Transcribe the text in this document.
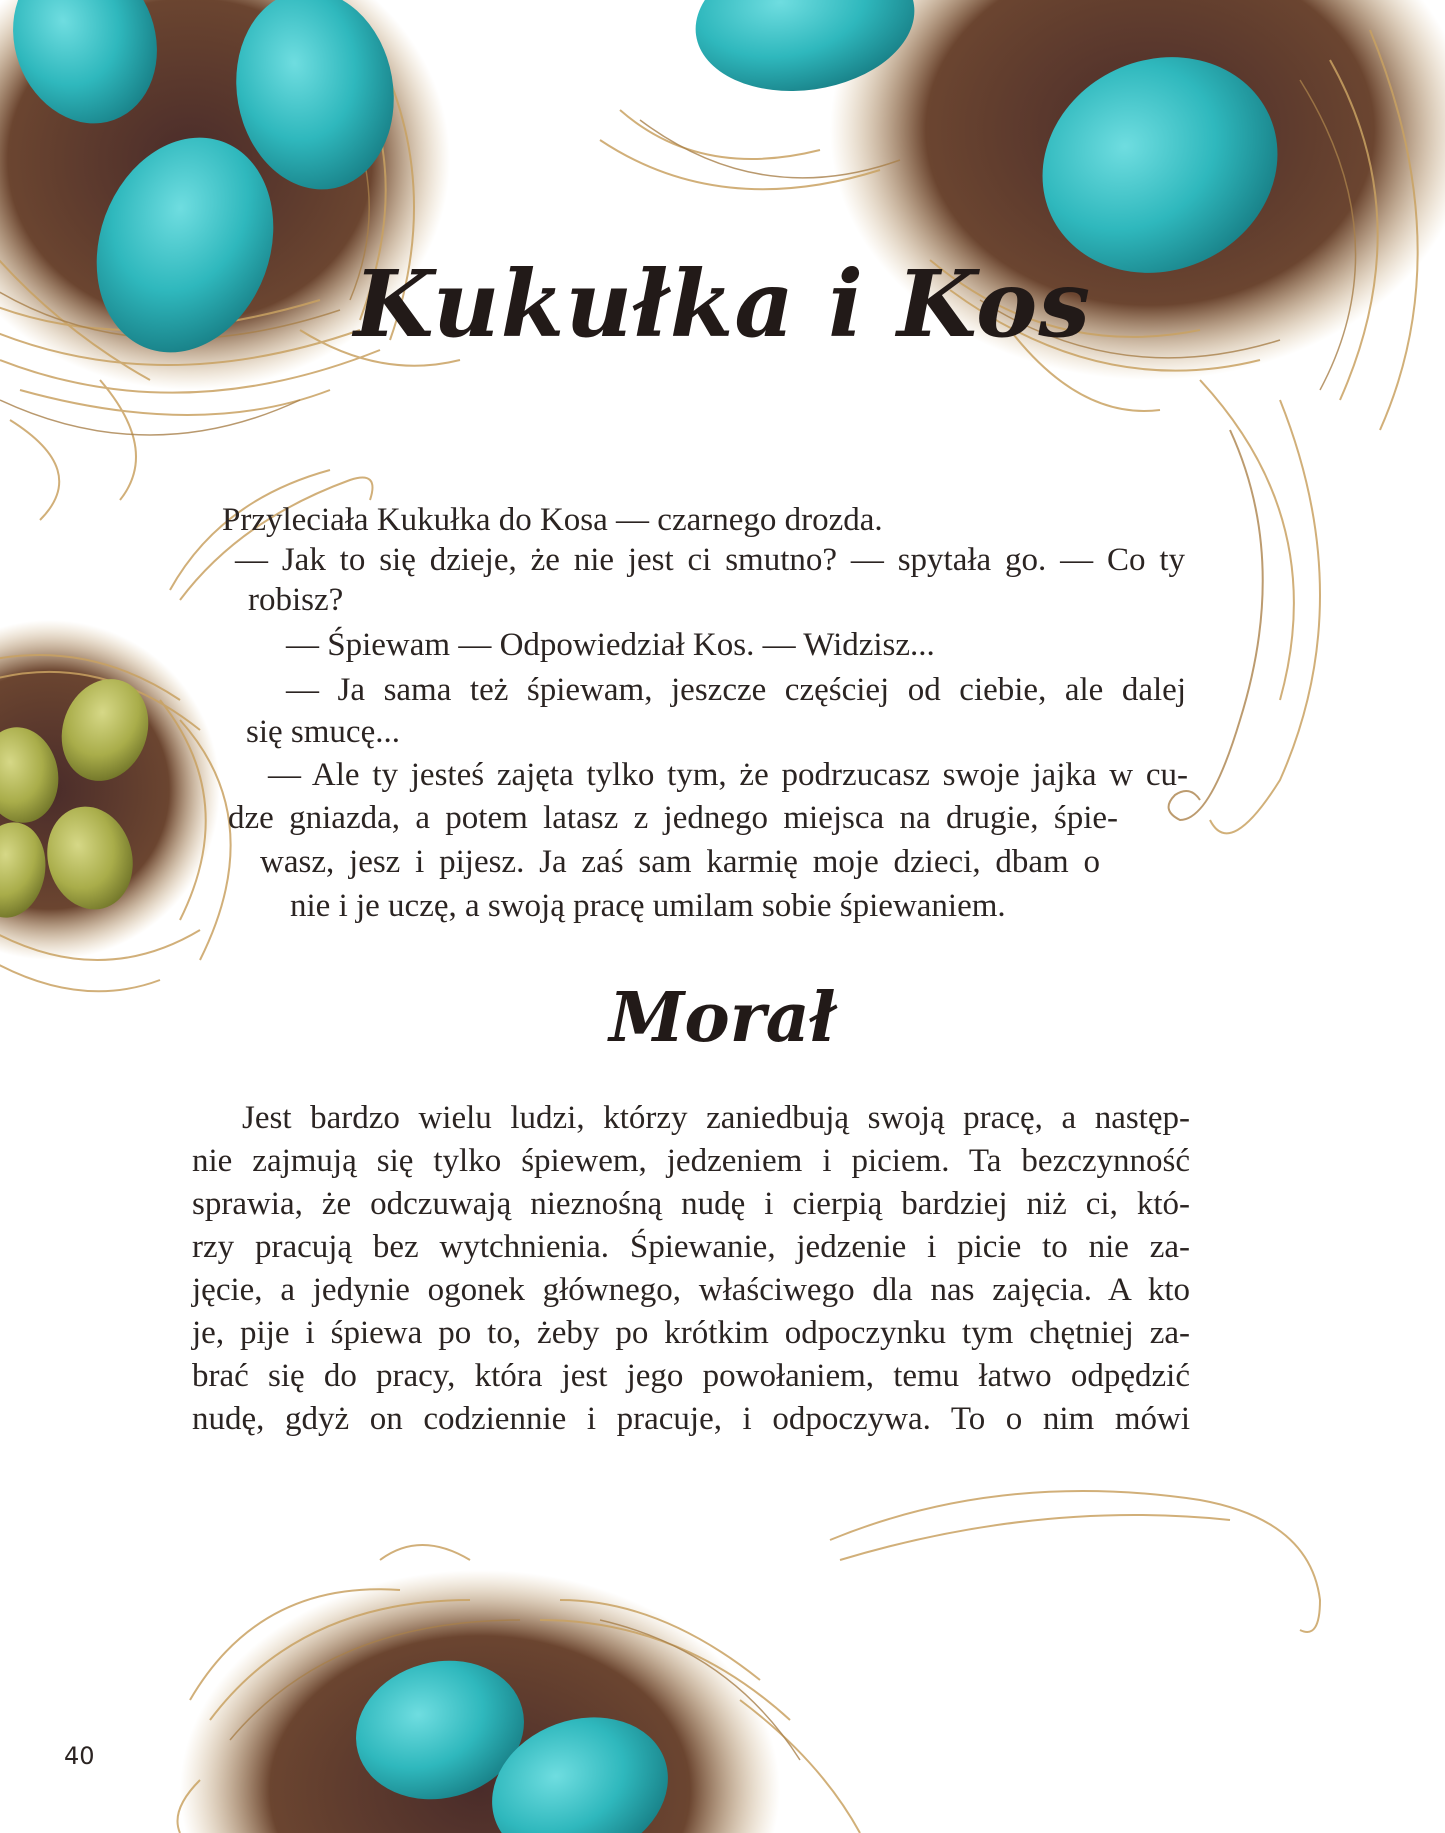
Kukułka i Kos
Przyleciała Kukułka do Kosa — czarnego drozda.
— Jak to się dzieje, że nie jest ci smutno? — spytała go. — Co ty
robisz?
— Śpiewam — Odpowiedział Kos. — Widzisz...
— Ja sama też śpiewam, jeszcze częściej od ciebie, ale dalej
się smucę...
— Ale ty jesteś zajęta tylko tym, że podrzucasz swoje jajka w cu-
dze gniazda, a potem latasz z jednego miejsca na drugie, śpie-
wasz, jesz i pijesz. Ja zaś sam karmię moje dzieci, dbam o
nie i je uczę, a swoją pracę umilam sobie śpiewaniem.
Morał
Jest bardzo wielu ludzi, którzy zaniedbują swoją pracę, a następ-
nie zajmują się tylko śpiewem, jedzeniem i piciem. Ta bezczynność
sprawia, że odczuwają nieznośną nudę i cierpią bardziej niż ci, któ-
rzy pracują bez wytchnienia. Śpiewanie, jedzenie i picie to nie za-
jęcie, a jedynie ogonek głównego, właściwego dla nas zajęcia. A kto
je, pije i śpiewa po to, żeby po krótkim odpoczynku tym chętniej za-
brać się do pracy, która jest jego powołaniem, temu łatwo odpędzić
nudę, gdyż on codziennie i pracuje, i odpoczywa. To o nim mówi
40
